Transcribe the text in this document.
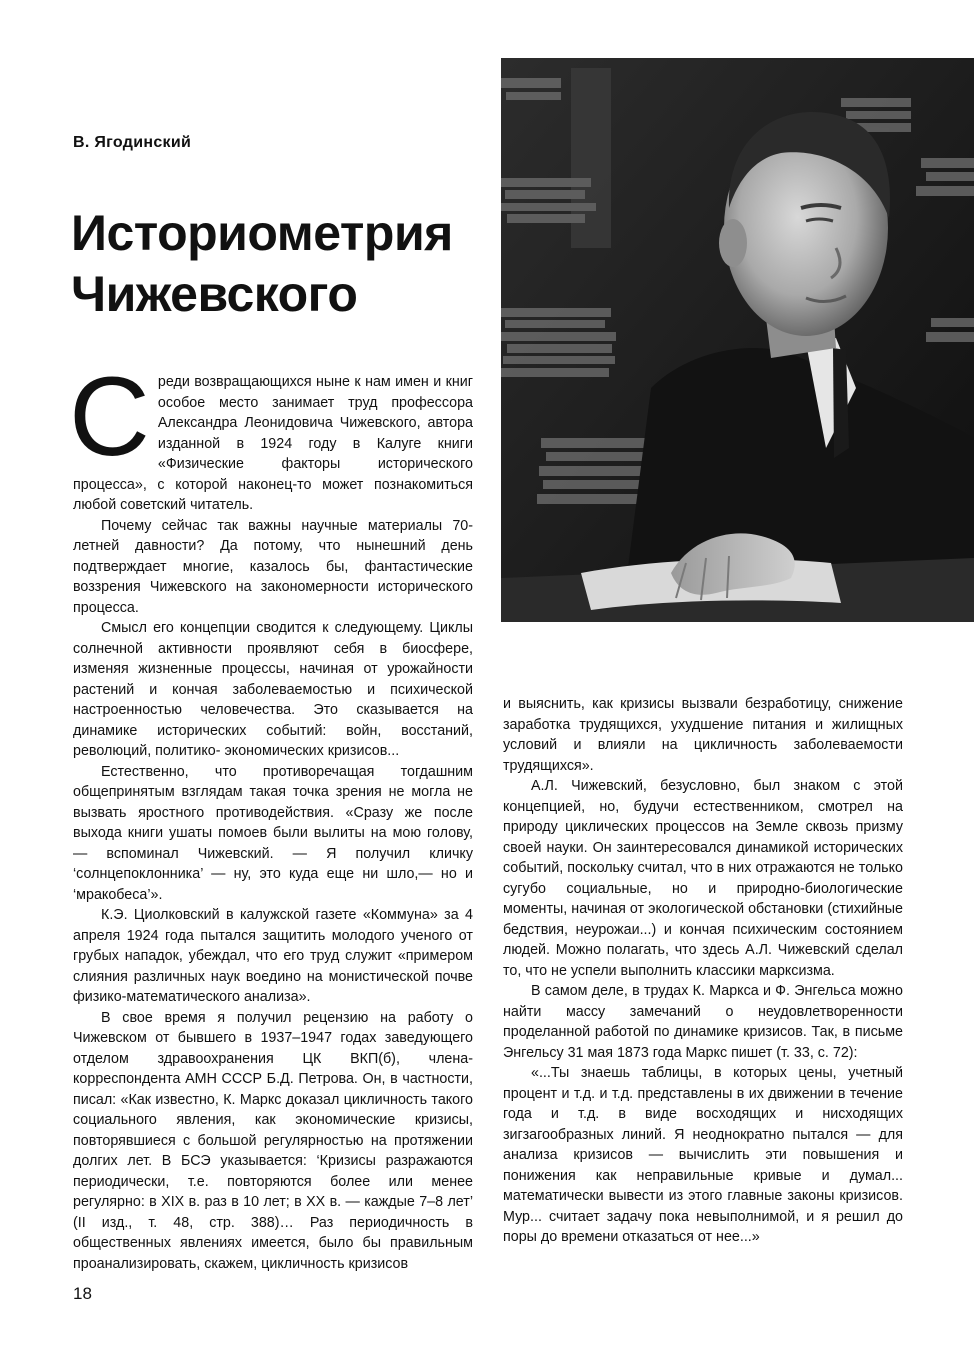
В. Ягодинский
Историометрия
Чижевского

Среди возвращающихся ныне к нам имен и книг особое место занимает труд профессора Александра Леонидовича Чижевского, автора изданной в 1924 году в Калуге книги «Физические факторы исторического процесса», с которой наконец-то может познакомиться любой советский читатель.

Почему сейчас так важны научные материалы 70-летней давности? Да потому, что нынешний день подтверждает многие, казалось бы, фантастические воззрения Чижевского на закономерности исторического процесса.

Смысл его концепции сводится к следующему. Циклы солнечной активности проявляют себя в биосфере, изменяя жизненные процессы, начиная от урожайности растений и кончая заболеваемостью и психической настроенностью человечества. Это сказывается на динамике исторических событий: войн, восстаний, революций, политико- экономических кризисов...

Естественно, что противоречащая тогдашним общепринятым взглядам такая точка зрения не могла не вызвать яростного противодействия. «Сразу же после выхода книги ушаты помоев были вылиты на мою голову, — вспоминал Чижевский. — Я получил кличку ‘солнцепоклонника’ — ну, это куда еще ни шло,— но и ‘мракобеса’».

К.Э. Циолковский в калужской газете «Коммуна» за 4 апреля 1924 года пытался защитить молодого ученого от грубых нападок, убеждал, что его труд служит «примером слияния различных наук воедино на монистической почве физико-математического анализа».

В свое время я получил рецензию на работу о Чижевском от бывшего в 1937–1947 годах заведующего отделом здравоохранения ЦК ВКП(б), члена-корреспондента АМН СССР Б.Д. Петрова. Он, в частности, писал: «Как известно, К. Маркс доказал цикличность такого социального явления, как экономические кризисы, повторявшиеся с большой регулярностью на протяжении долгих лет. В БСЭ указывается: ‘Кризисы разражаются периодически, т.е. повторяются более или менее регулярно: в XIX в. раз в 10 лет; в XX в. — каждые 7–8 лет’ (II изд., т. 48, стр. 388)… Раз периодичность в общественных явлениях имеется, было бы правильным проанализировать, скажем, цикличность кризисов

и выяснить, как кризисы вызвали безработицу, снижение заработка трудящихся, ухудшение питания и жилищных условий и влияли на цикличность заболеваемости трудящихся».

А.Л. Чижевский, безусловно, был знаком с этой концепцией, но, будучи естественником, смотрел на природу циклических процессов на Земле сквозь призму своей науки. Он заинтересовался динамикой исторических событий, поскольку считал, что в них отражаются не только сугубо социальные, но и природно-биологические моменты, начиная от экологической обстановки (стихийные бедствия, неурожаи...) и кончая психическим состоянием людей. Можно полагать, что здесь А.Л. Чижевский сделал то, что не успели выполнить классики марксизма.

В самом деле, в трудах К. Маркса и Ф. Энгельса можно найти массу замечаний о неудовлетворенности проделанной работой по динамике кризисов. Так, в письме Энгельсу 31 мая 1873 года Маркс пишет (т. 33, с. 72):

«...Ты знаешь таблицы, в которых цены, учетный процент и т.д. и т.д. представлены в их движении в течение года и т.д. в виде восходящих и нисходящих зигзагообразных линий. Я неоднократно пытался — для анализа кризисов — вычислить эти повышения и понижения как неправильные кривые и думал... математически вывести из этого главные законы кризисов. Мур... считает задачу пока невыполнимой, и я решил до поры до времени отказаться от нее...»

18
